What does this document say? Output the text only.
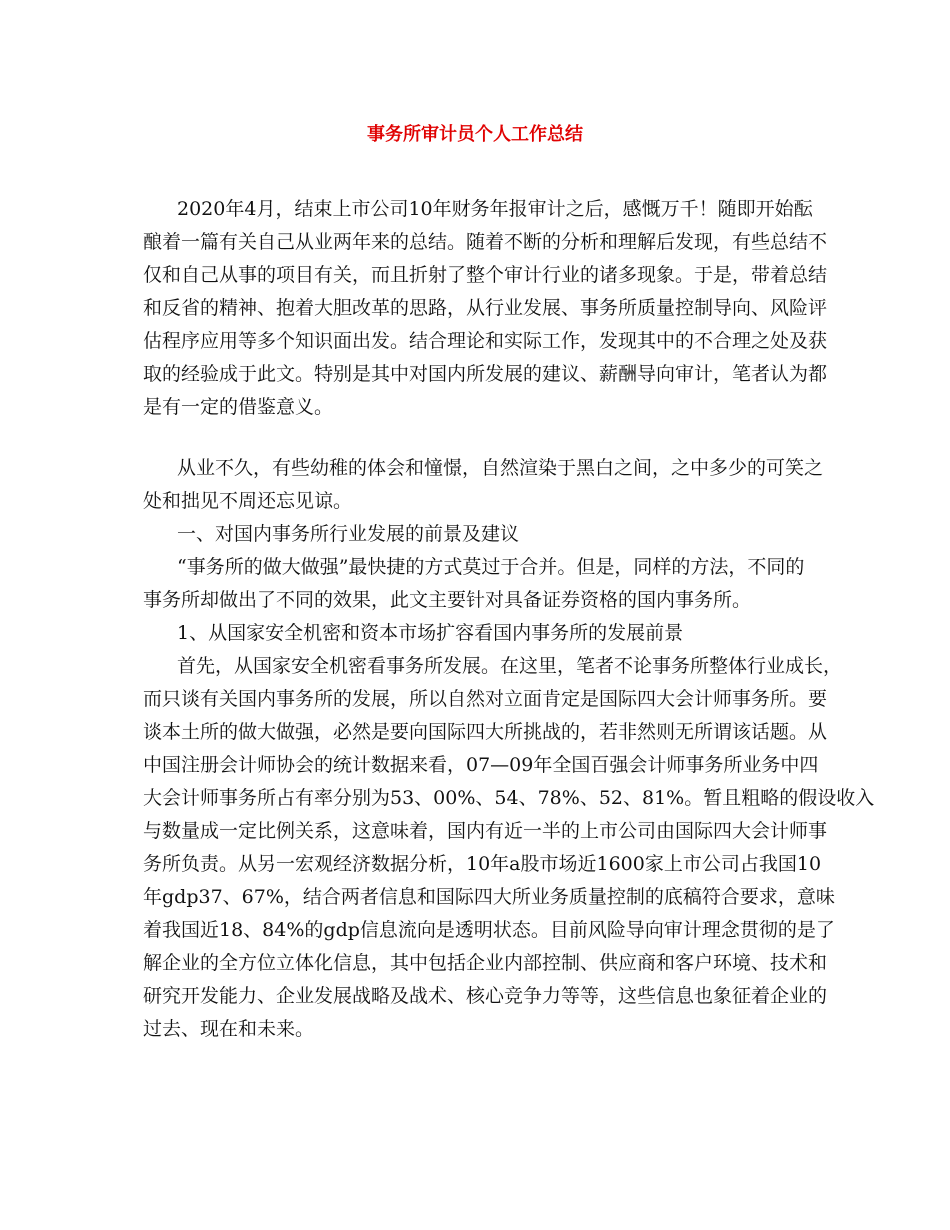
事务所审计员个人工作总结
2020年4月，结束上市公司10年财务年报审计之后，感慨万千！随即开始酝
酿着一篇有关自己从业两年来的总结。随着不断的分析和理解后发现，有些总结不
仅和自己从事的项目有关，而且折射了整个审计行业的诸多现象。于是，带着总结
和反省的精神、抱着大胆改革的思路，从行业发展、事务所质量控制导向、风险评
估程序应用等多个知识面出发。结合理论和实际工作，发现其中的不合理之处及获
取的经验成于此文。特别是其中对国内所发展的建议、薪酬导向审计，笔者认为都
是有一定的借鉴意义。
从业不久，有些幼稚的体会和憧憬，自然渲染于黑白之间，之中多少的可笑之
处和拙见不周还忘见谅。
一、对国内事务所行业发展的前景及建议
“事务所的做大做强”最快捷的方式莫过于合并。但是，同样的方法，不同的
事务所却做出了不同的效果，此文主要针对具备证券资格的国内事务所。
1、从国家安全机密和资本市场扩容看国内事务所的发展前景
首先，从国家安全机密看事务所发展。在这里，笔者不论事务所整体行业成长，
而只谈有关国内事务所的发展，所以自然对立面肯定是国际四大会计师事务所。要
谈本土所的做大做强，必然是要向国际四大所挑战的，若非然则无所谓该话题。从
中国注册会计师协会的统计数据来看，07—09年全国百强会计师事务所业务中四
大会计师事务所占有率分别为53、00%、54、78%、52、81%。暂且粗略的假设收入
与数量成一定比例关系，这意味着，国内有近一半的上市公司由国际四大会计师事
务所负责。从另一宏观经济数据分析，10年a股市场近1600家上市公司占我国10
年gdp37、67%，结合两者信息和国际四大所业务质量控制的底稿符合要求，意味
着我国近18、84%的gdp信息流向是透明状态。目前风险导向审计理念贯彻的是了
解企业的全方位立体化信息，其中包括企业内部控制、供应商和客户环境、技术和
研究开发能力、企业发展战略及战术、核心竞争力等等，这些信息也象征着企业的
过去、现在和未来。
